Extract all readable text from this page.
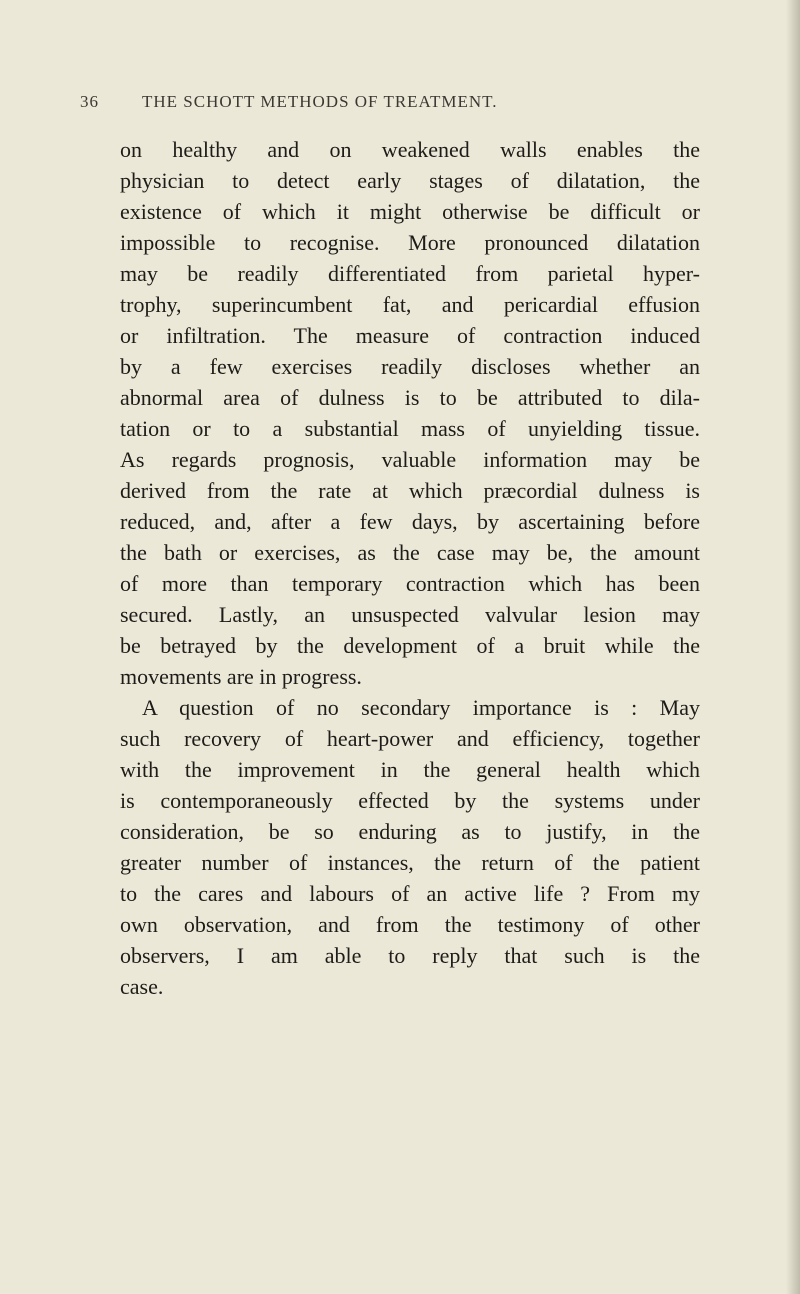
36	THE SCHOTT METHODS OF TREATMENT.
on healthy and on weakened walls enables the
physician to detect early stages of dilatation, the
existence of which it might otherwise be difficult or
impossible to recognise. More pronounced dilatation
may be readily differentiated from parietal hyper-
trophy, superincumbent fat, and pericardial effusion
or infiltration. The measure of contraction induced
by a few exercises readily discloses whether an
abnormal area of dulness is to be attributed to dila-
tation or to a substantial mass of unyielding tissue.
As regards prognosis, valuable information may be
derived from the rate at which præcordial dulness is
reduced, and, after a few days, by ascertaining before
the bath or exercises, as the case may be, the amount
of more than temporary contraction which has been
secured. Lastly, an unsuspected valvular lesion may
be betrayed by the development of a bruit while the
movements are in progress.
A question of no secondary importance is : May
such recovery of heart-power and efficiency, together
with the improvement in the general health which
is contemporaneously effected by the systems under
consideration, be so enduring as to justify, in the
greater number of instances, the return of the patient
to the cares and labours of an active life ? From my
own observation, and from the testimony of other
observers, I am able to reply that such is the
case.
